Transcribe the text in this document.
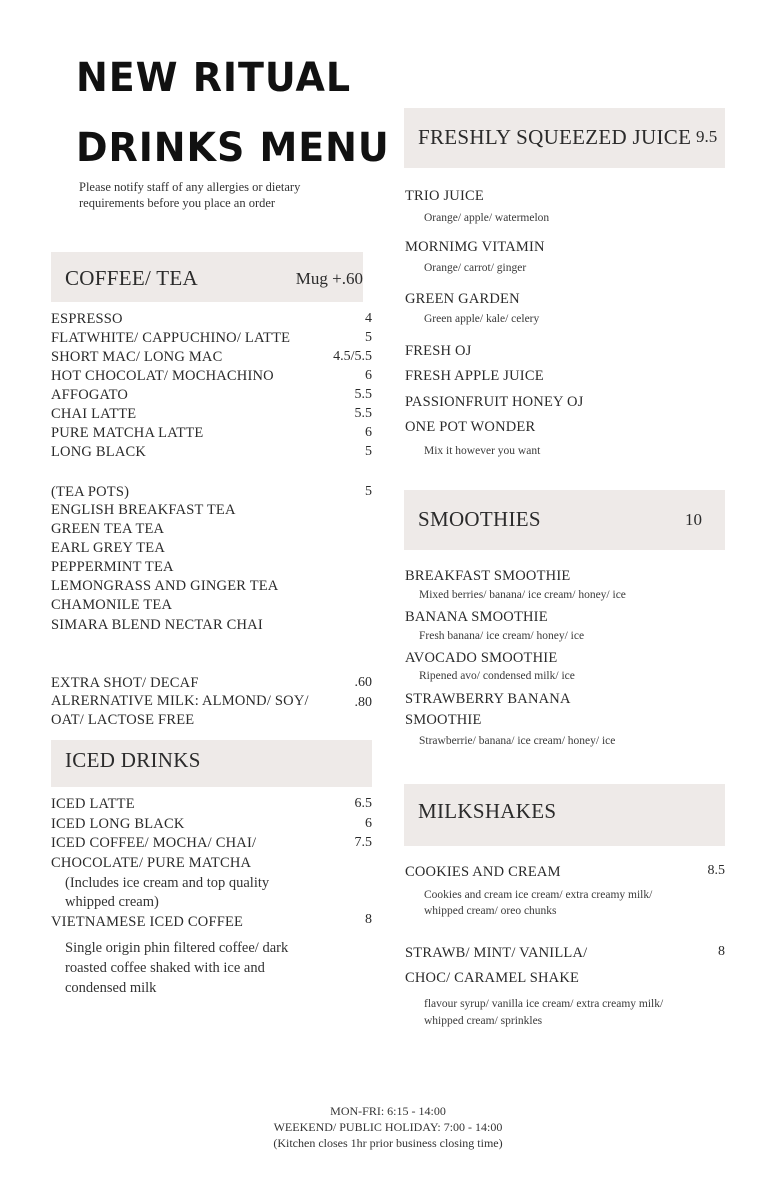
NEW RITUAL
DRINKS MENU
Please notify staff of any allergies or dietary requirements before you place an order
COFFEE/ TEA	Mug +.60
ESPRESSO	4
FLATWHITE/ CAPPUCHINO/ LATTE	5
SHORT MAC/ LONG MAC	4.5/5.5
HOT CHOCOLAT/ MOCHACHINO	6
AFFOGATO	5.5
CHAI LATTE	5.5
PURE MATCHA LATTE	6
LONG BLACK	5
(TEA POTS)	5
ENGLISH BREAKFAST TEA
GREEN TEA TEA
EARL GREY TEA
PEPPERMINT TEA
LEMONGRASS AND GINGER TEA
CHAMONILE TEA
SIMARA BLEND NECTAR CHAI
EXTRA SHOT/ DECAF	.60
ALRERNATIVE MILK: ALMOND/ SOY/	.80
OAT/ LACTOSE FREE
ICED DRINKS
ICED LATTE	6.5
ICED LONG BLACK	6
ICED COFFEE/ MOCHA/ CHAI/	7.5
CHOCOLATE/ PURE MATCHA
(Includes ice cream and top quality
whipped cream)
VIETNAMESE ICED COFFEE	8
Single origin phin filtered coffee/ dark
roasted coffee shaked with ice and
condensed milk
FRESHLY SQUEEZED JUICE 9.5
TRIO JUICE
Orange/ apple/ watermelon
MORNIMG VITAMIN
Orange/ carrot/ ginger
GREEN GARDEN
Green apple/ kale/ celery
FRESH OJ
FRESH APPLE JUICE
PASSIONFRUIT HONEY OJ
ONE POT WONDER
Mix it however you want
SMOOTHIES	10
BREAKFAST SMOOTHIE
Mixed berries/ banana/ ice cream/ honey/ ice
BANANA SMOOTHIE
Fresh banana/ ice cream/ honey/ ice
AVOCADO SMOOTHIE
Ripened avo/ condensed milk/ ice
STRAWBERRY BANANA
SMOOTHIE
Strawberrie/ banana/ ice cream/ honey/ ice
MILKSHAKES
COOKIES AND CREAM	8.5
Cookies and cream ice cream/ extra creamy milk/
whipped cream/ oreo chunks
STRAWB/ MINT/ VANILLA/	8
CHOC/ CARAMEL SHAKE
flavour syrup/ vanilla ice cream/ extra creamy milk/
whipped cream/ sprinkles
MON-FRI: 6:15 - 14:00
WEEKEND/ PUBLIC HOLIDAY: 7:00 - 14:00
(Kitchen closes 1hr prior business closing time)
